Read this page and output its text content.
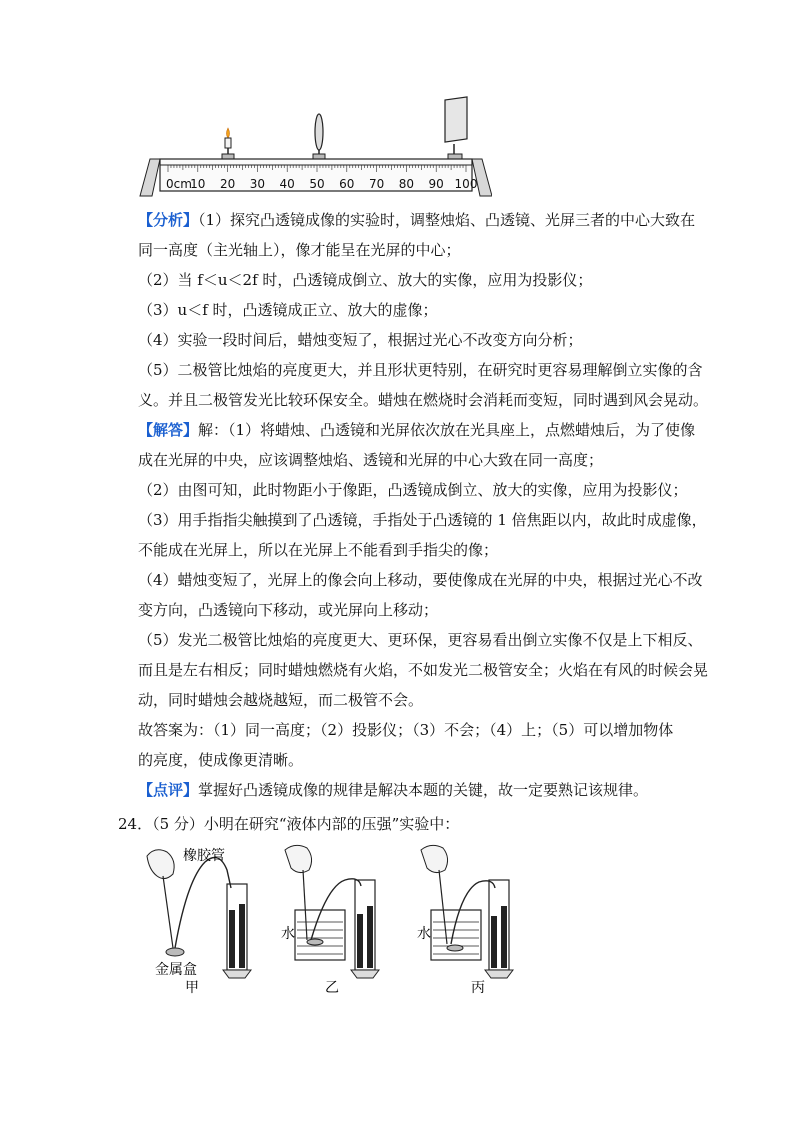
0cm
10 20 30 40 50 60 70 80 90 100
【分析】（1）探究凸透镜成像的实验时，调整烛焰、凸透镜、光屏三者的中心大致在
同一高度（主光轴上），像才能呈在光屏的中心；
（2）当 f＜u＜2f 时，凸透镜成倒立、放大的实像，应用为投影仪；
（3）u＜f 时，凸透镜成正立、放大的虚像；
（4）实验一段时间后，蜡烛变短了，根据过光心不改变方向分析；
（5）二极管比烛焰的亮度更大，并且形状更特别，在研究时更容易理解倒立实像的含
义。并且二极管发光比较环保安全。蜡烛在燃烧时会消耗而变短，同时遇到风会晃动。
【解答】解：（1）将蜡烛、凸透镜和光屏依次放在光具座上，点燃蜡烛后，为了使像
成在光屏的中央，应该调整烛焰、透镜和光屏的中心大致在同一高度；
（2）由图可知，此时物距小于像距，凸透镜成倒立、放大的实像，应用为投影仪；
（3）用手指指尖触摸到了凸透镜，手指处于凸透镜的 1 倍焦距以内，故此时成虚像，
不能成在光屏上，所以在光屏上不能看到手指尖的像；
（4）蜡烛变短了，光屏上的像会向上移动，要使像成在光屏的中央，根据过光心不改
变方向，凸透镜向下移动，或光屏向上移动；
（5）发光二极管比烛焰的亮度更大、更环保，更容易看出倒立实像不仅是上下相反、
而且是左右相反；同时蜡烛燃烧有火焰，不如发光二极管安全；火焰在有风的时候会晃
动，同时蜡烛会越烧越短，而二极管不会。
故答案为：（1）同一高度；（2）投影仪；（3）不会；（4）上；（5）可以增加物体
的亮度，使成像更清晰。
【点评】掌握好凸透镜成像的规律是解决本题的关键，故一定要熟记该规律。
24．（5 分）小明在研究“液体内部的压强”实验中：
橡胶管
金属盒
甲
水
乙
水
丙
